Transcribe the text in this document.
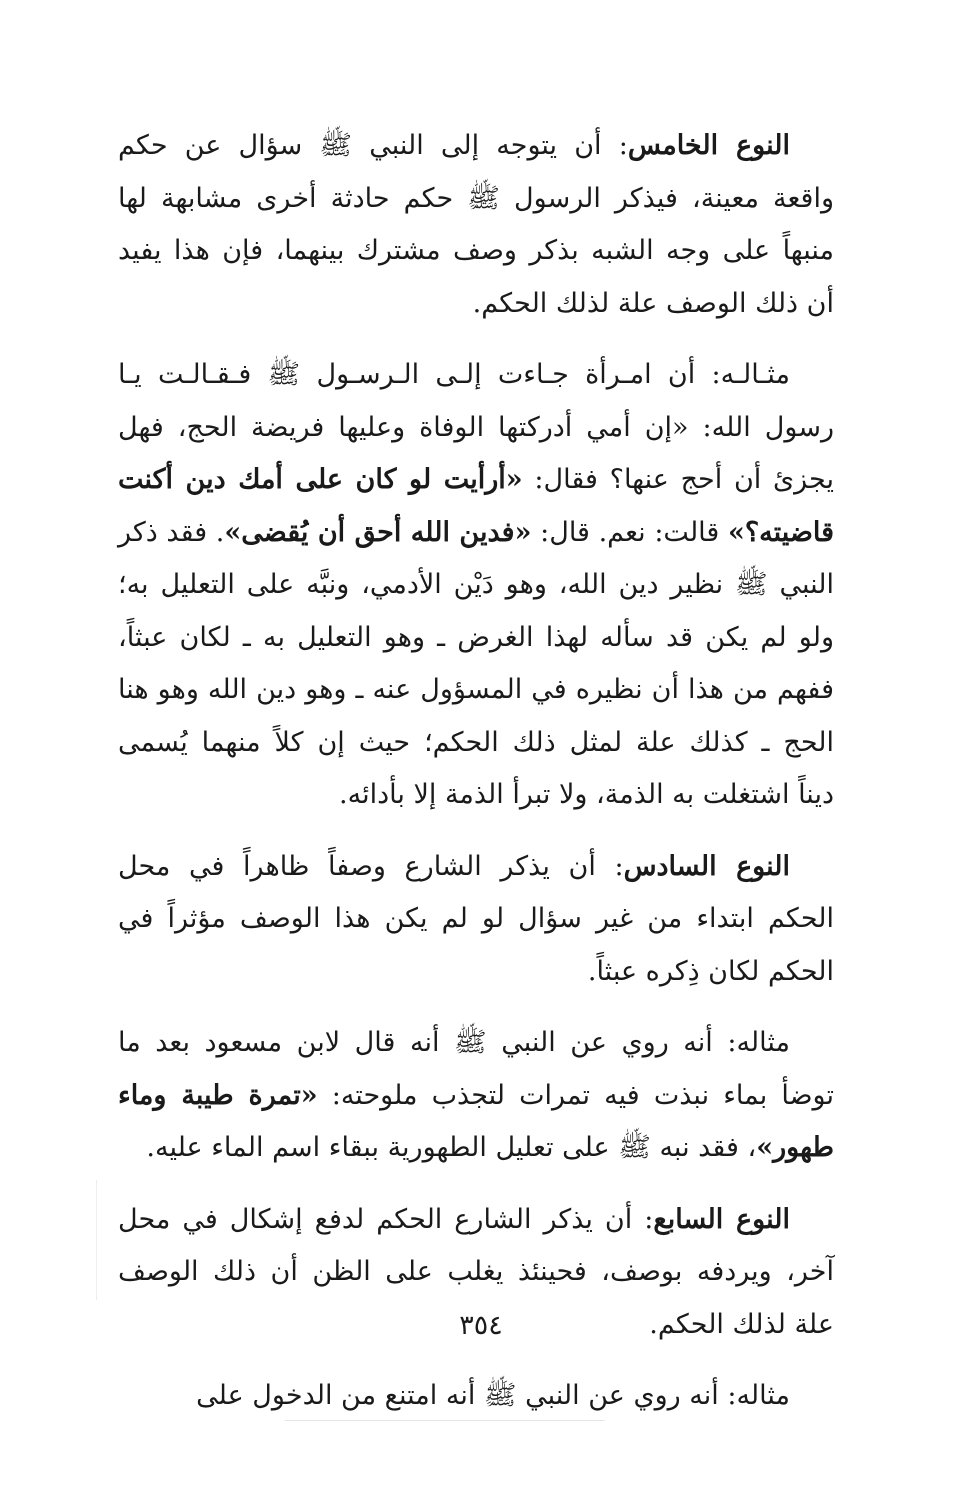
النوع الخامس: أن يتوجه إلى النبي ﷺ سؤال عن حكم
واقعة معينة، فيذكر الرسول ﷺ حكم حادثة أخرى مشابهة لها
منبهاً على وجه الشبه بذكر وصف مشترك بينهما، فإن هذا يفيد
أن ذلك الوصف علة لذلك الحكم.
مثـالـه: أن امـرأة جـاءت إلـى الـرسـول ﷺ فـقـالـت يـا
رسول الله: «إن أمي أدركتها الوفاة وعليها فريضة الحج، فهل
يجزئ أن أحج عنها؟ فقال: «أرأيت لو كان على أمك دين أكنت
قاضيته؟» قالت: نعم. قال: «فدين الله أحق أن يُقضى». فقد ذكر
النبي ﷺ نظير دين الله، وهو دَيْن الأدمي، ونبَّه على التعليل به؛
ولو لم يكن قد سأله لهذا الغرض ـ وهو التعليل به ـ لكان عبثاً،
ففهم من هذا أن نظيره في المسؤول عنه ـ وهو دين الله وهو هنا
الحج ـ كذلك علة لمثل ذلك الحكم؛ حيث إن كلاً منهما يُسمى
ديناً اشتغلت به الذمة، ولا تبرأ الذمة إلا بأدائه.
النوع السادس: أن يذكر الشارع وصفاً ظاهراً في محل
الحكم ابتداء من غير سؤال لو لم يكن هذا الوصف مؤثراً في
الحكم لكان ذِكره عبثاً.
مثاله: أنه روي عن النبي ﷺ أنه قال لابن مسعود بعد ما
توضأ بماء نبذت فيه تمرات لتجذب ملوحته: «تمرة طيبة وماء
طهور»، فقد نبه ﷺ على تعليل الطهورية ببقاء اسم الماء عليه.
النوع السابع: أن يذكر الشارع الحكم لدفع إشكال في محل
آخر، ويردفه بوصف، فحينئذ يغلب على الظن أن ذلك الوصف
علة لذلك الحكم.
مثاله: أنه روي عن النبي ﷺ أنه امتنع من الدخول على
٣٥٤
